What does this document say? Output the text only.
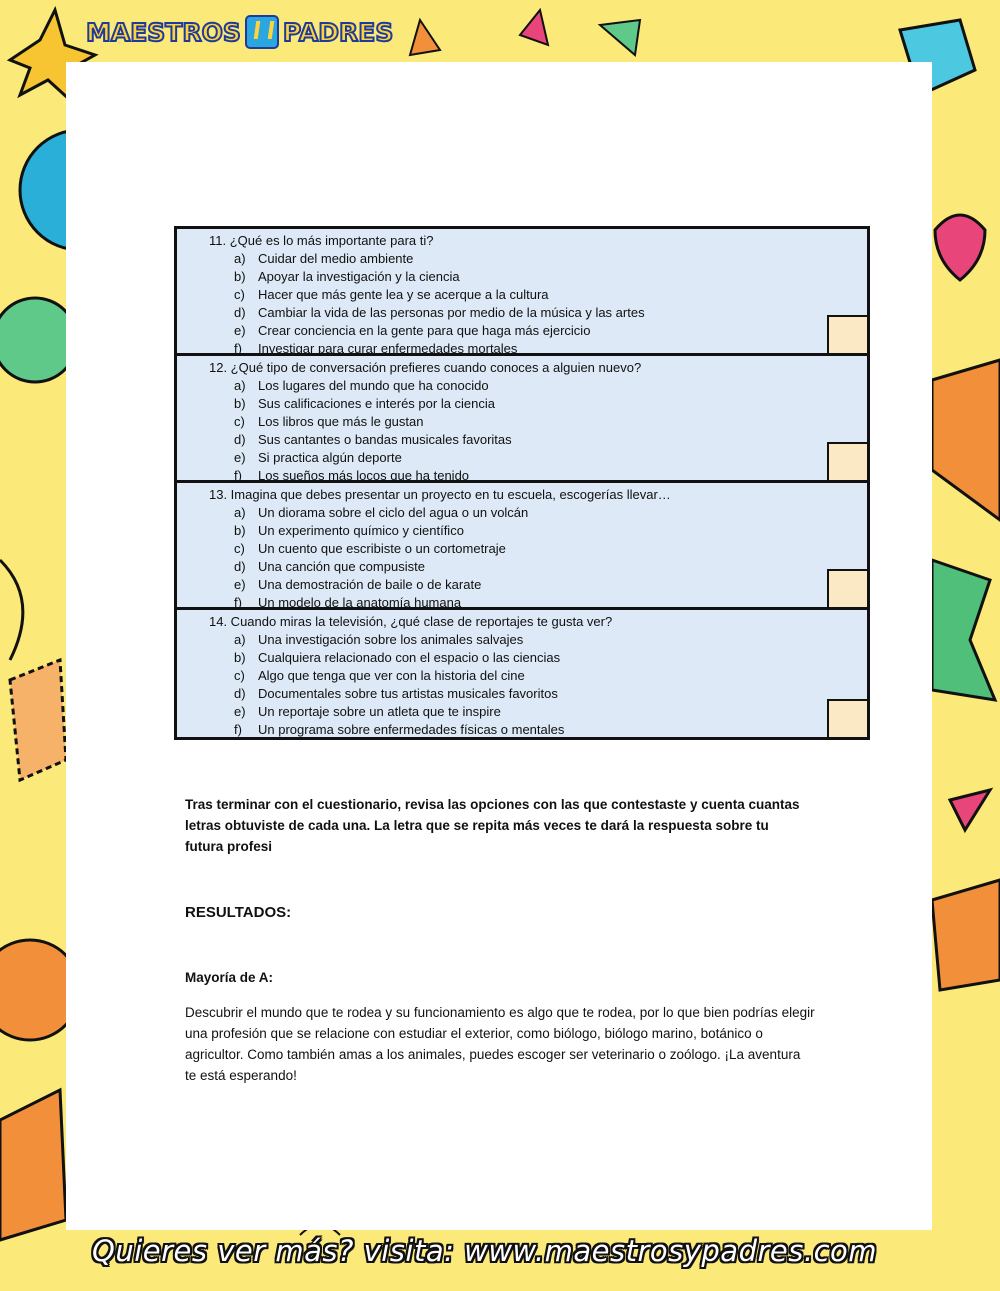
MAESTROS PADRES
11. ¿Qué es lo más importante para ti?
a) Cuidar del medio ambiente
b) Apoyar la investigación y la ciencia
c)	Hacer que más gente lea y se acerque a la cultura
d) Cambiar la vida de las personas por medio de la música y las artes
e) Crear conciencia en la gente para que haga más ejercicio
f)	Investigar para curar enfermedades mortales
12. ¿Qué tipo de conversación prefieres cuando conoces a alguien nuevo?
a) Los lugares del mundo que ha conocido
b) Sus calificaciones e interés por la ciencia
c)	Los libros que más le gustan
d) Sus cantantes o bandas musicales favoritas
e) Si practica algún deporte
f)	Los sueños más locos que ha tenido
13. Imagina que debes presentar un proyecto en tu escuela, escogerías llevar…
a) Un diorama sobre el ciclo del agua o un volcán
b) Un experimento químico y científico
c)	Un cuento que escribiste o un cortometraje
d) Una canción que compusiste
e) Una demostración de baile o de karate
f)	Un modelo de la anatomía humana
14. Cuando miras la televisión, ¿qué clase de reportajes te gusta ver?
a) Una investigación sobre los animales salvajes
b) Cualquiera relacionado con el espacio o las ciencias
c)	Algo que tenga que ver con la historia del cine
d) Documentales sobre tus artistas musicales favoritos
e) Un reportaje sobre un atleta que te inspire
f)	Un programa sobre enfermedades físicas o mentales
Tras terminar con el cuestionario, revisa las opciones con las que contestaste y cuenta cuantas letras obtuviste de cada una. La letra que se repita más veces te dará la respuesta sobre tu futura profesi
RESULTADOS:
Mayoría de A:
Descubrir el mundo que te rodea y su funcionamiento es algo que te rodea, por lo que bien podrías elegir una profesión que se relacione con estudiar el exterior, como biólogo, biólogo marino, botánico o agricultor. Como también amas a los animales, puedes escoger ser veterinario o zoólogo. ¡La aventura te está esperando!
Quieres ver más? visita: www.maestrosypadres.com
